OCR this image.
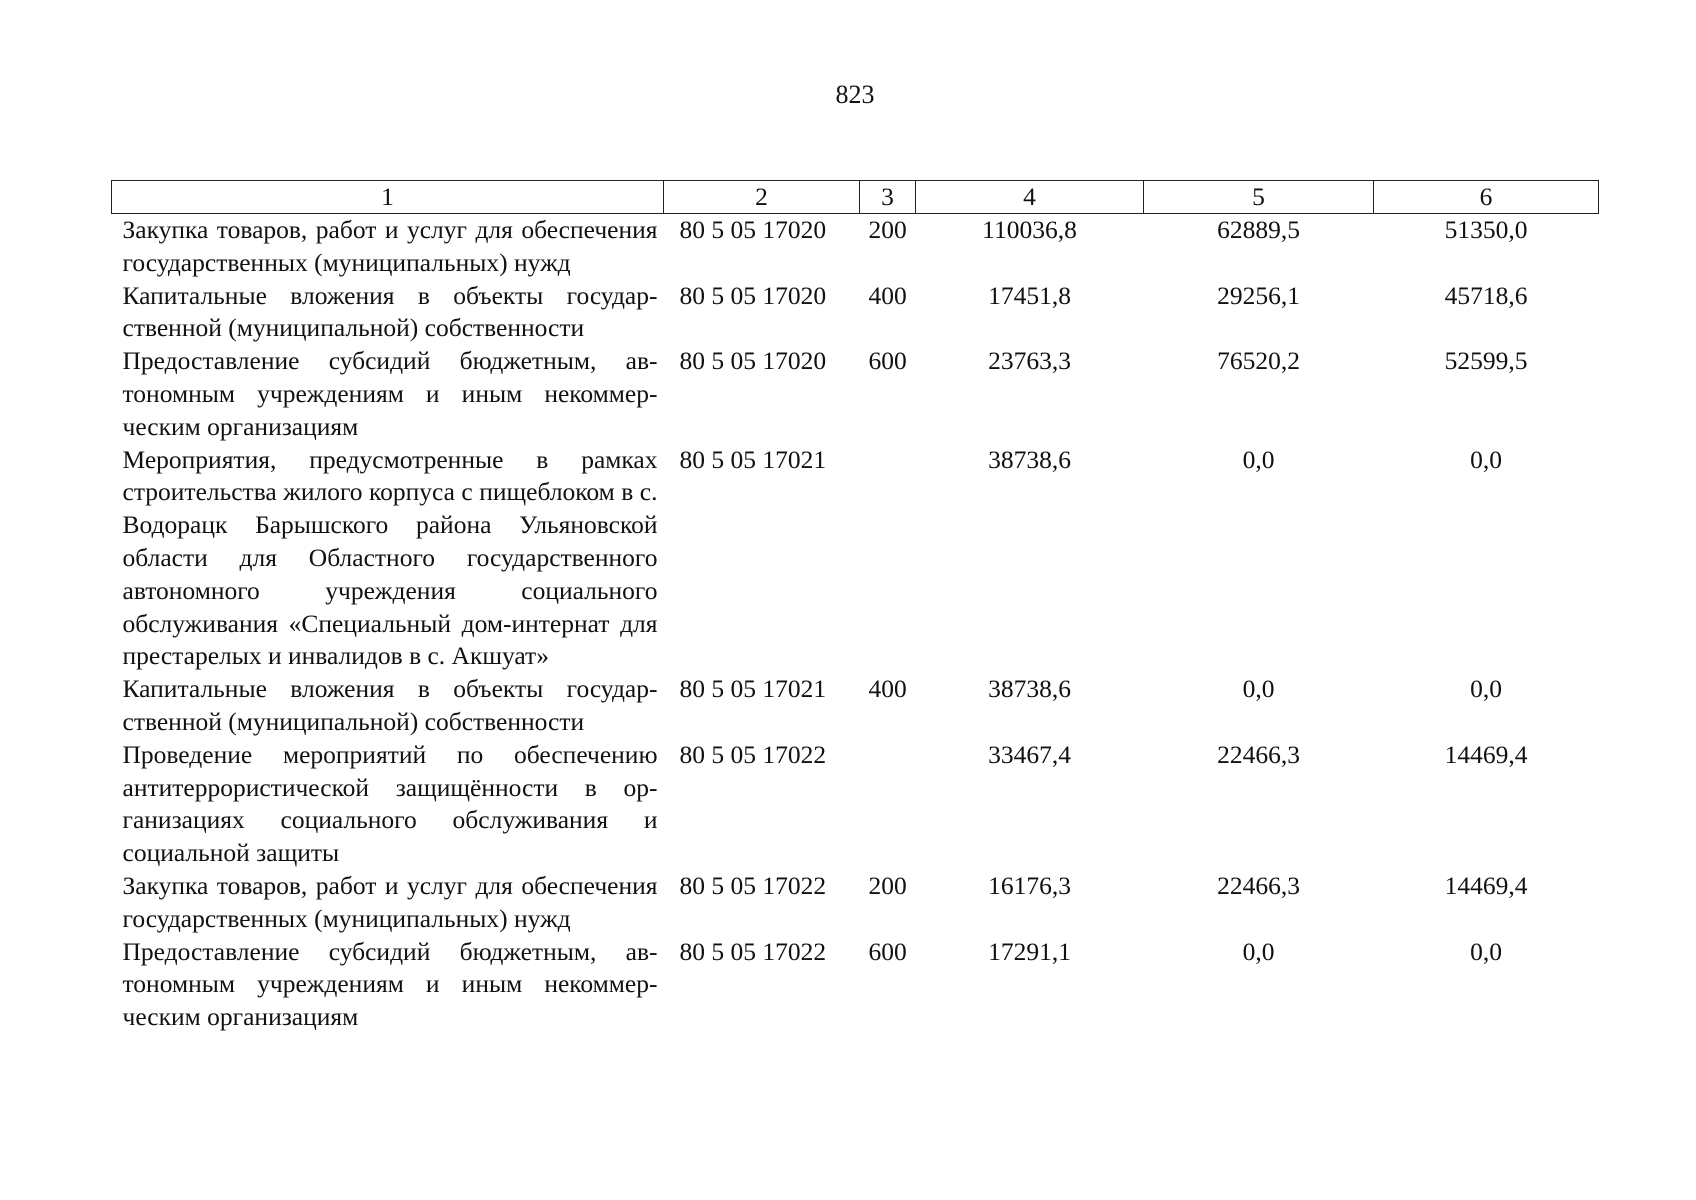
823
1	2	3	4	5	6
Закупка товаров, работ и услуг для обеспечения государственных (муниципальных) нужд	80 5 05 17020	200	110036,8	62889,5	51350,0
Капитальные вложения в объекты государственной (муниципальной) собственности	80 5 05 17020	400	17451,8	29256,1	45718,6
Предоставление субсидий бюджетным, автономным учреждениям и иным некоммерческим организациям	80 5 05 17020	600	23763,3	76520,2	52599,5
Мероприятия, предусмотренные в рамках строительства жилого корпуса с пищеблоком в с. Водорацк Барышского района Ульяновской области для Областного государственного автономного учреждения социального обслуживания «Специальный дом-интернат для престарелых и инвалидов в с. Акшуат»	80 5 05 17021		38738,6	0,0	0,0
Капитальные вложения в объекты государственной (муниципальной) собственности	80 5 05 17021	400	38738,6	0,0	0,0
Проведение мероприятий по обеспечению антитеррористической защищённости в организациях социального обслуживания и социальной защиты	80 5 05 17022		33467,4	22466,3	14469,4
Закупка товаров, работ и услуг для обеспечения государственных (муниципальных) нужд	80 5 05 17022	200	16176,3	22466,3	14469,4
Предоставление субсидий бюджетным, автономным учреждениям и иным некоммерческим организациям	80 5 05 17022	600	17291,1	0,0	0,0
